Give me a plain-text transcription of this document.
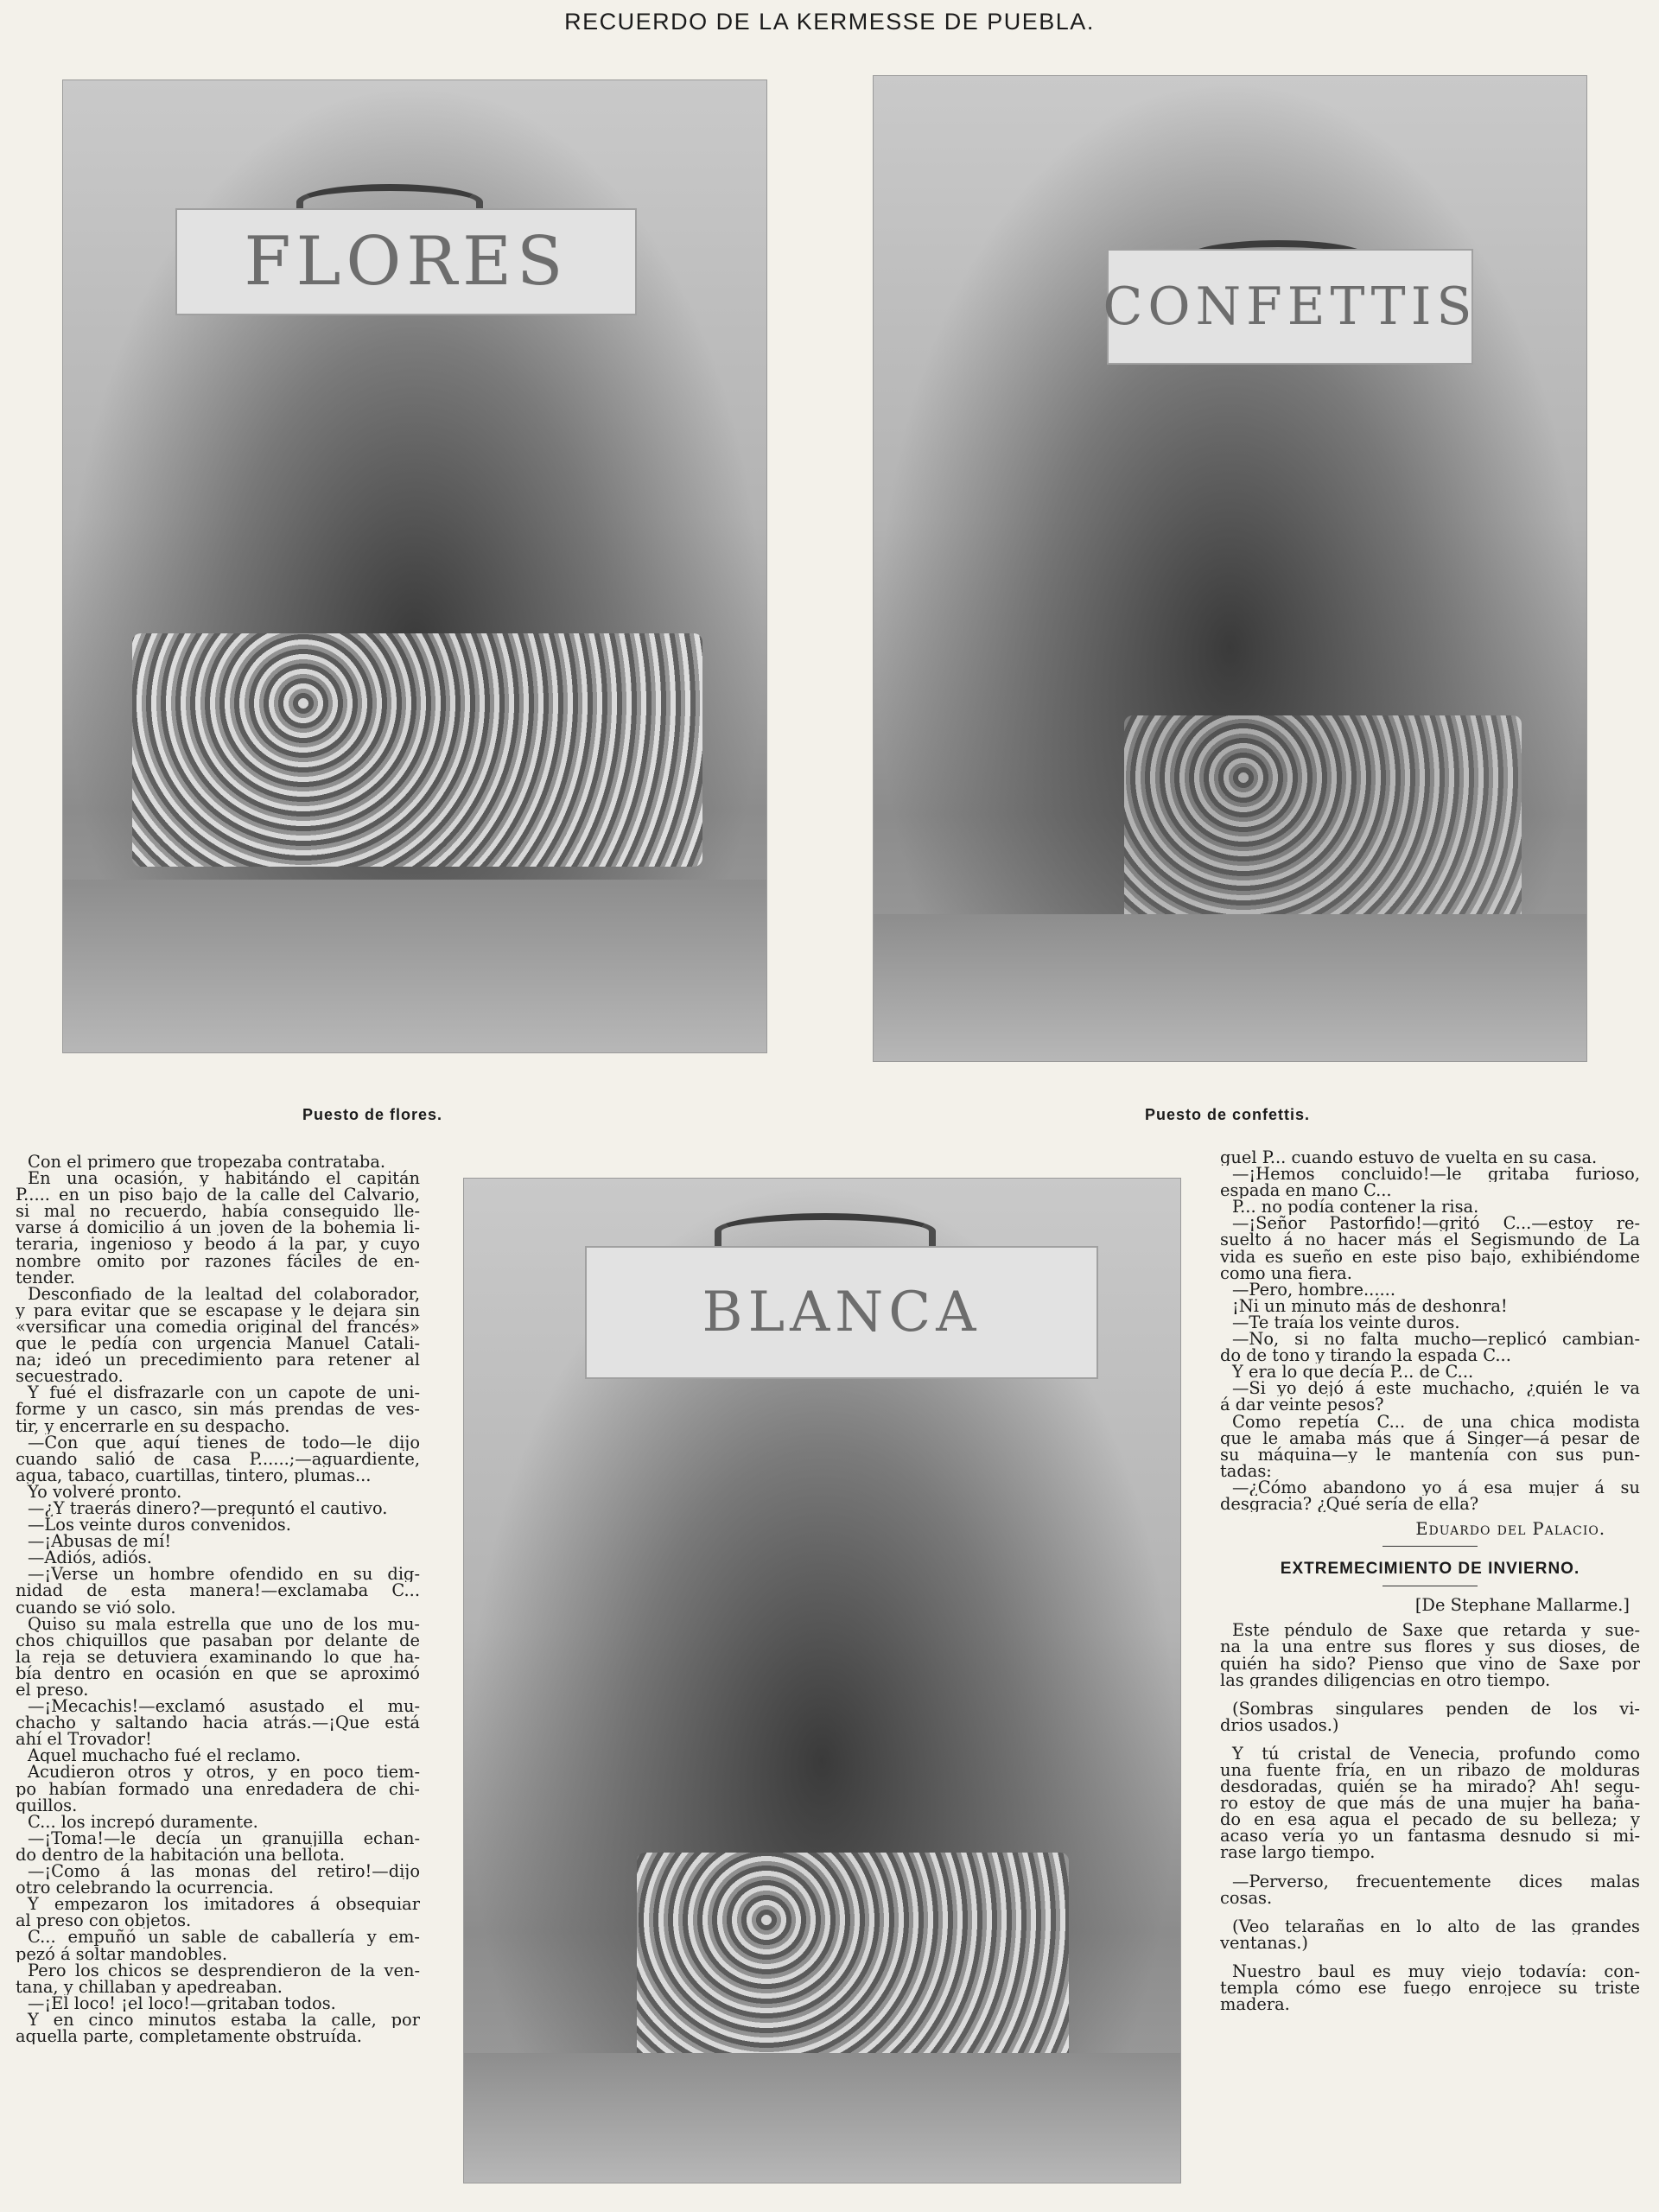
RECUERDO DE LA KERMESSE DE PUEBLA.
FLORES
Puesto de flores.
CONFETTIS
Puesto de confettis.
BLANCA
Con el primero que tropezaba contrataba.
En una ocasión, y habitándo el capitán
P..... en un piso bajo de la calle del Calvario,
si mal no recuerdo, había conseguido lle-
varse á domicilio á un joven de la bohemia li-
teraria, ingenioso y beodo á la par, y cuyo
nombre omito por razones fáciles de en-
tender.
Desconfiado de la lealtad del colaborador,
y para evitar que se escapase y le dejara sin
«versificar una comedia original del francés»
que le pedía con urgencia Manuel Catali-
na; ideó un precedimiento para retener al
secuestrado.
Y fué el disfrazarle con un capote de uni-
forme y un casco, sin más prendas de ves-
tir, y encerrarle en su despacho.
—Con que aquí tienes de todo—le dijo
cuando salió de casa P......;—aguardiente,
agua, tabaco, cuartillas, tintero, plumas...
Yo volveré pronto.
—¿Y traerás dinero?—preguntó el cautivo.
—Los veinte duros convenidos.
—¡Abusas de mí!
—Adiós, adiós.
—¡Verse un hombre ofendido en su dig-
nidad de esta manera!—exclamaba C...
cuando se vió solo.
Quiso su mala estrella que uno de los mu-
chos chiquillos que pasaban por delante de
la reja se detuviera examinando lo que ha-
bía dentro en ocasión en que se aproximó
el preso.
—¡Mecachis!—exclamó asustado el mu-
chacho y saltando hacia atrás.—¡Que está
ahí el Trovador!
Aquel muchacho fué el reclamo.
Acudieron otros y otros, y en poco tiem-
po habían formado una enredadera de chi-
quillos.
C... los increpó duramente.
—¡Toma!—le decía un granujilla echan-
do dentro de la habitación una bellota.
—¡Como á las monas del retiro!—dijo
otro celebrando la ocurrencia.
Y empezaron los imitadores á obsequiar
al preso con objetos.
C... empuñó un sable de caballería y em-
pezó á soltar mandobles.
Pero los chicos se desprendieron de la ven-
tana, y chillaban y apedreaban.
—¡El loco! ¡el loco!—gritaban todos.
Y en cinco minutos estaba la calle, por
aquella parte, completamente obstruída.
guel P... cuando estuvo de vuelta en su casa.
—¡Hemos concluido!—le gritaba furioso,
espada en mano C...
P... no podía contener la risa.
—¡Señor Pastorfido!—gritó C...—estoy re-
suelto á no hacer más el Segismundo de La
vida es sueño en este piso bajo, exhibiéndome
como una fiera.
—Pero, hombre......
¡Ni un minuto más de deshonra!
—Te traía los veinte duros.
—No, si no falta mucho—replicó cambian-
do de tono y tirando la espada C...
Y era lo que decía P... de C...
—Si yo dejó á este muchacho, ¿quién le va
á dar veinte pesos?
Como repetía C... de una chica modista
que le amaba más que á Singer—á pesar de
su máquina—y le mantenía con sus pun-
tadas:
—¿Cómo abandono yo á esa mujer á su
desgracia? ¿Qué sería de ella?
Eduardo del Palacio.
EXTREMECIMIENTO DE INVIERNO.
[De Stephane Mallarme.]
Este péndulo de Saxe que retarda y sue-
na la una entre sus flores y sus dioses, de
quién ha sido? Pienso que vino de Saxe por
las grandes diligencias en otro tiempo.
(Sombras singulares penden de los vi-
drios usados.)
Y tú cristal de Venecia, profundo como
una fuente fría, en un ribazo de molduras
desdoradas, quién se ha mirado? Ah! segu-
ro estoy de que más de una mujer ha baña-
do en esa agua el pecado de su belleza; y
acaso vería yo un fantasma desnudo si mi-
rase largo tiempo.
—Perverso, frecuentemente dices malas
cosas.
(Veo telarañas en lo alto de las grandes
ventanas.)
Nuestro baul es muy viejo todavía: con-
templa cómo ese fuego enrojece su triste
madera.
